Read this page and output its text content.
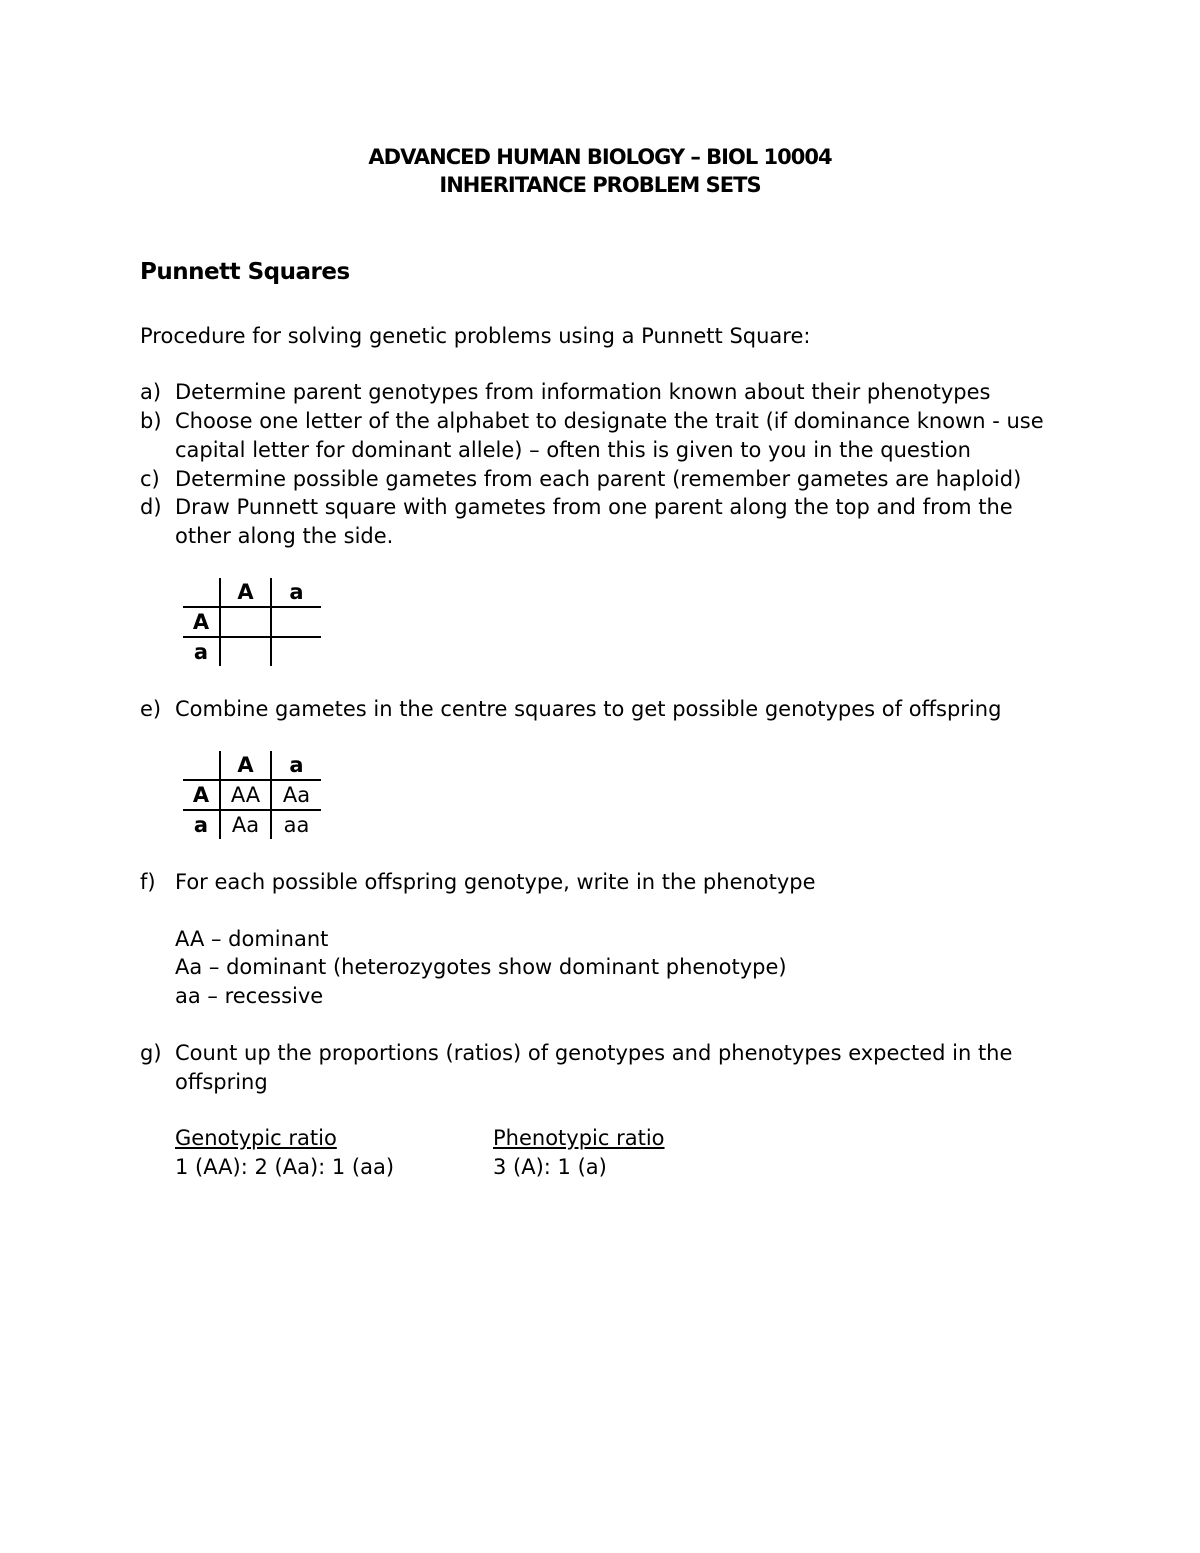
ADVANCED HUMAN BIOLOGY – BIOL 10004
INHERITANCE PROBLEM SETS
Punnett Squares
Procedure for solving genetic problems using a Punnett Square:
a) Determine parent genotypes from information known about their phenotypes
b) Choose one letter of the alphabet to designate the trait (if dominance known - use
capital letter for dominant allele) – often this is given to you in the question
c) Determine possible gametes from each parent (remember gametes are haploid)
d) Draw Punnett square with gametes from one parent along the top and from the
other along the side.
	A	a
A		
a		
e) Combine gametes in the centre squares to get possible genotypes of offspring
	A	a
A	AA	Aa
a	Aa	aa
f) For each possible offspring genotype, write in the phenotype
AA – dominant
Aa – dominant (heterozygotes show dominant phenotype)
aa – recessive
g) Count up the proportions (ratios) of genotypes and phenotypes expected in the
offspring
Genotypic ratio
1 (AA): 2 (Aa): 1 (aa)
Phenotypic ratio
3 (A): 1 (a)
